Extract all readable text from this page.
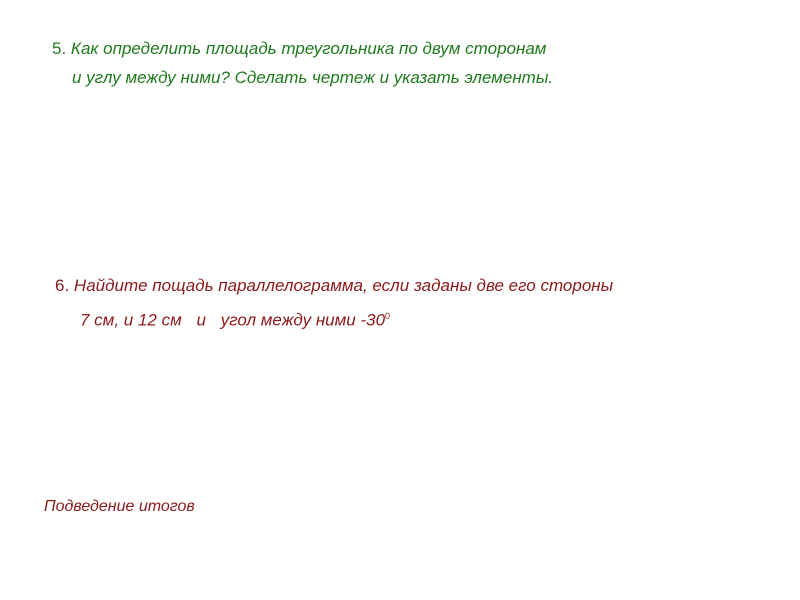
5. Как определить площадь треугольника по двум сторонам
и углу между ними? Сделать чертеж и указать элементы.
6. Найдите пощадь параллелограмма, если заданы две его стороны
7 см, и 12 см и угол между ними $-30^0$
Подведение итогов
